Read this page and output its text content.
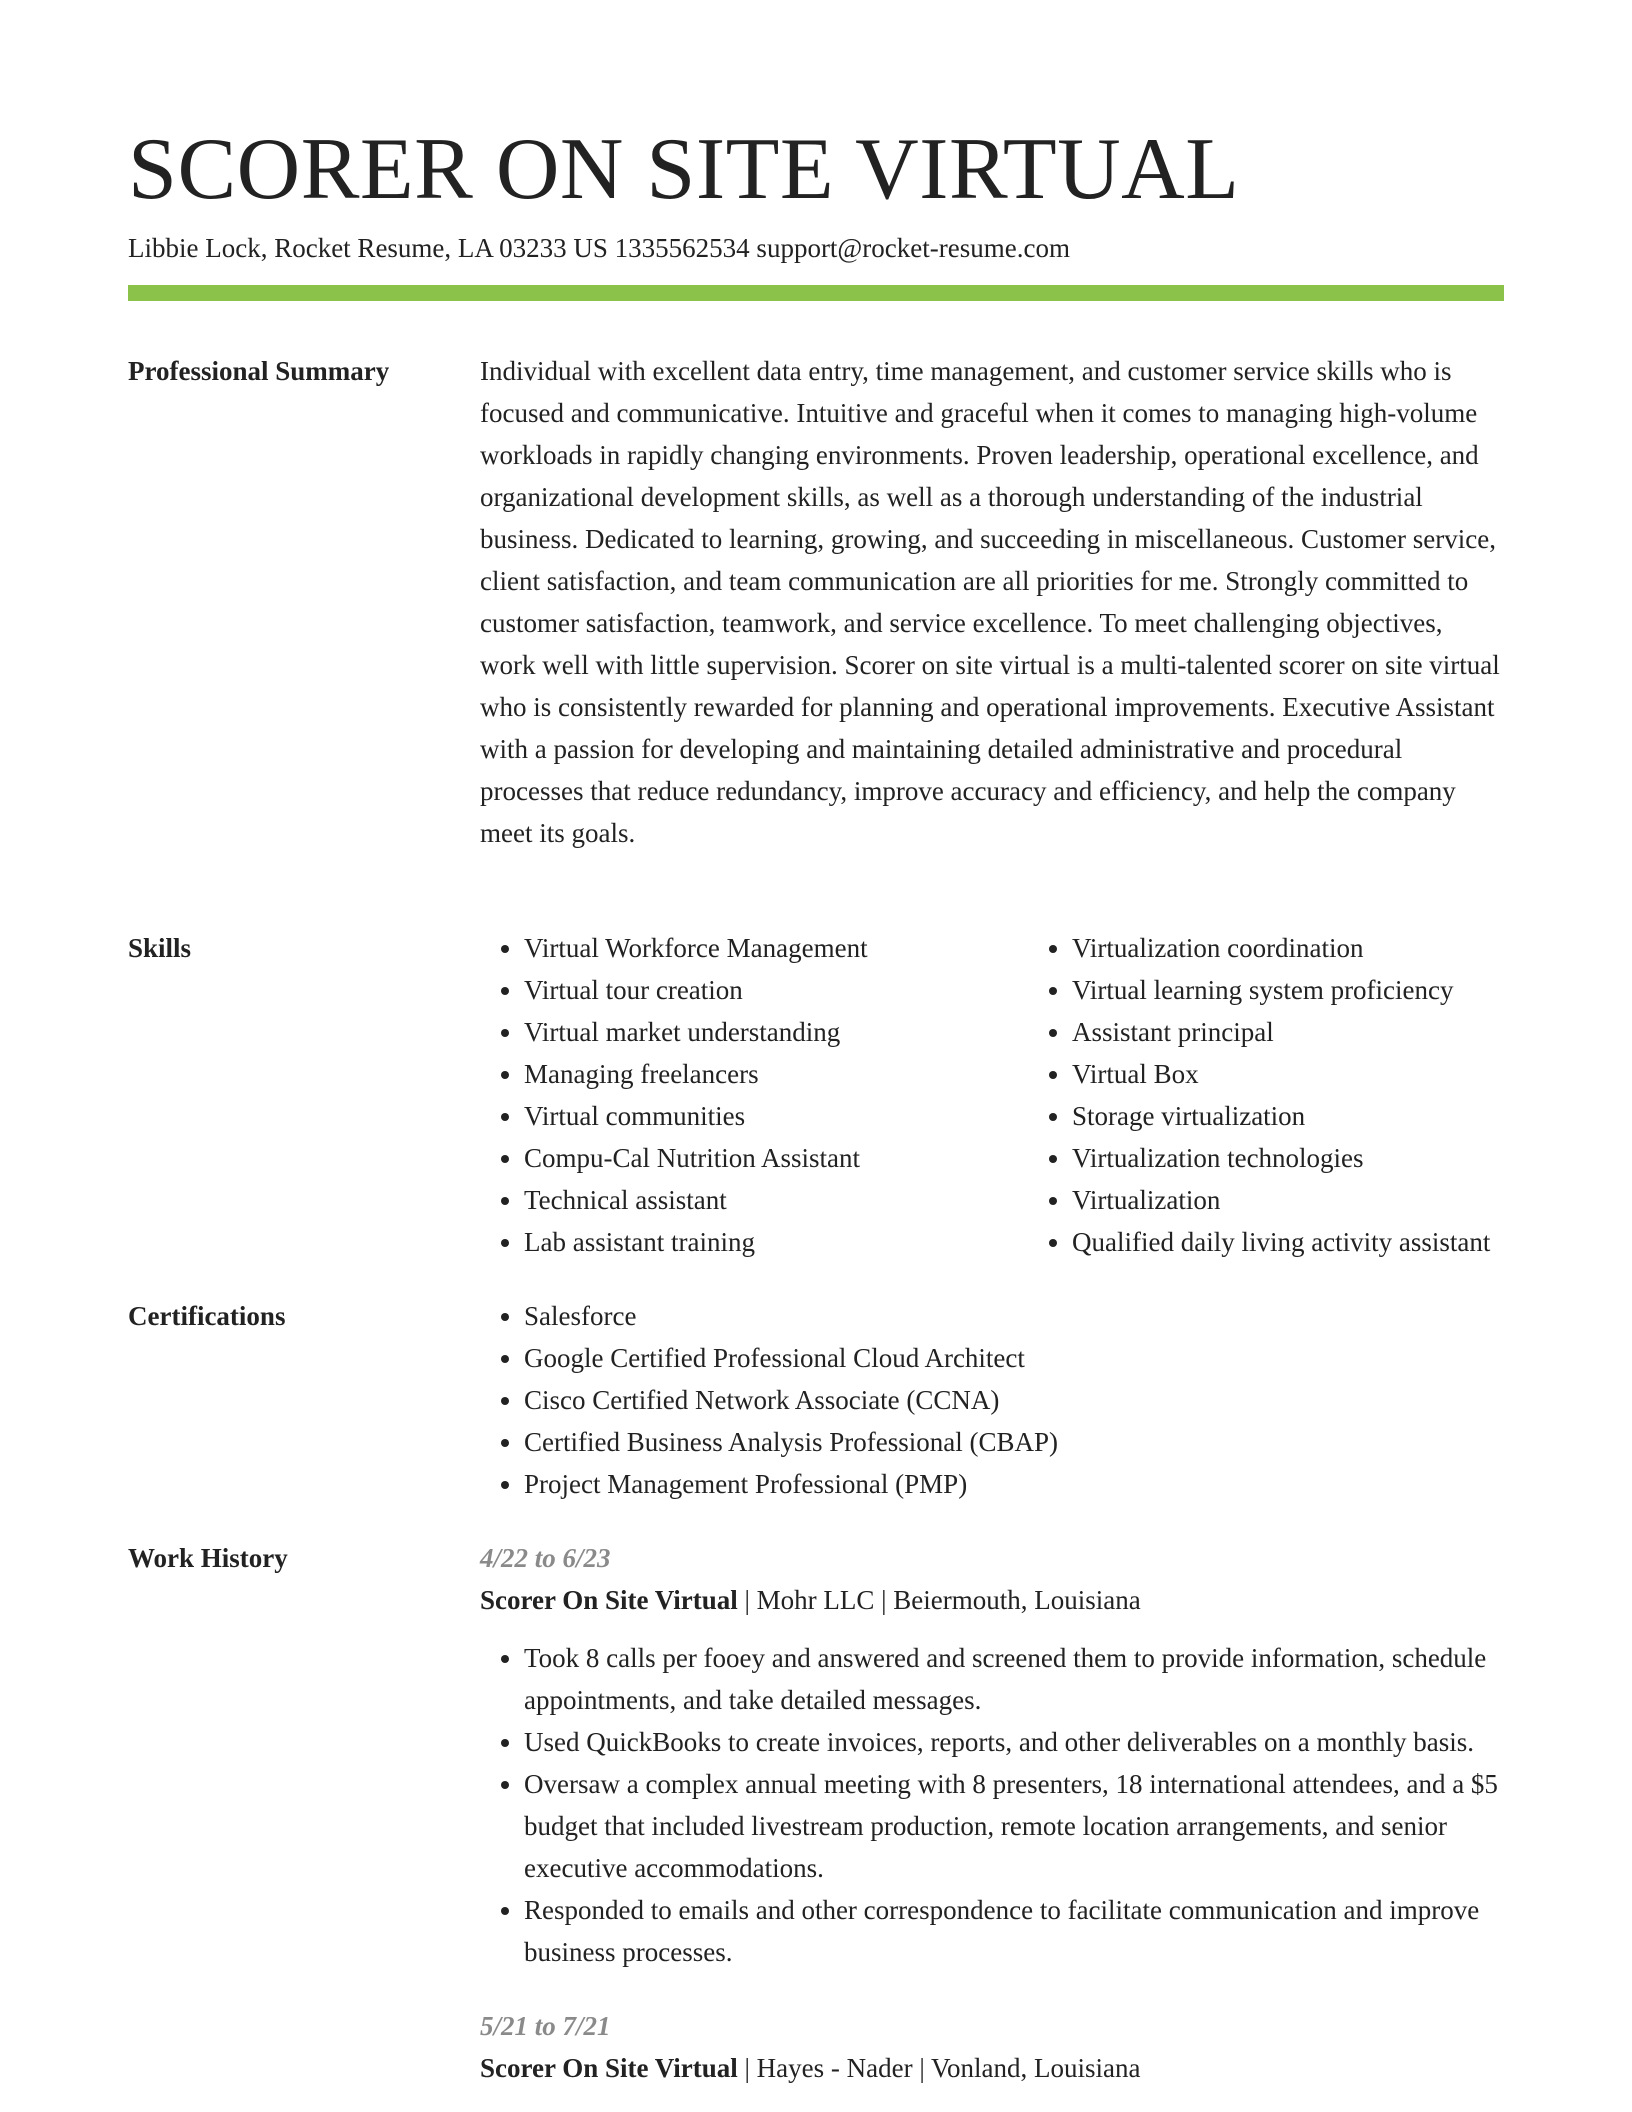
SCORER ON SITE VIRTUAL
Libbie Lock, Rocket Resume, LA 03233 US 1335562534 support@rocket-resume.com
Professional Summary	Individual with excellent data entry, time management, and customer service skills who is focused and communicative. Intuitive and graceful when it comes to managing high-volume workloads in rapidly changing environments. Proven leadership, operational excellence, and organizational development skills, as well as a thorough understanding of the industrial business. Dedicated to learning, growing, and succeeding in miscellaneous. Customer service, client satisfaction, and team communication are all priorities for me. Strongly committed to customer satisfaction, teamwork, and service excellence. To meet challenging objectives, work well with little supervision. Scorer on site virtual is a multi-talented scorer on site virtual who is consistently rewarded for planning and operational improvements. Executive Assistant with a passion for developing and maintaining detailed administrative and procedural processes that reduce redundancy, improve accuracy and efficiency, and help the company meet its goals.
Skills	• Virtual Workforce Management
• Virtual tour creation
• Virtual market understanding
• Managing freelancers
• Virtual communities
• Compu-Cal Nutrition Assistant
• Technical assistant
• Lab assistant training
• Virtualization coordination
• Virtual learning system proficiency
• Assistant principal
• Virtual Box
• Storage virtualization
• Virtualization technologies
• Virtualization
• Qualified daily living activity assistant
Certifications	• Salesforce
• Google Certified Professional Cloud Architect
• Cisco Certified Network Associate (CCNA)
• Certified Business Analysis Professional (CBAP)
• Project Management Professional (PMP)
Work History	4/22 to 6/23
Scorer On Site Virtual | Mohr LLC | Beiermouth, Louisiana
• Took 8 calls per fooey and answered and screened them to provide information, schedule appointments, and take detailed messages.
• Used QuickBooks to create invoices, reports, and other deliverables on a monthly basis.
• Oversaw a complex annual meeting with 8 presenters, 18 international attendees, and a $5 budget that included livestream production, remote location arrangements, and senior executive accommodations.
• Responded to emails and other correspondence to facilitate communication and improve business processes.
5/21 to 7/21
Scorer On Site Virtual | Hayes - Nader | Vonland, Louisiana
